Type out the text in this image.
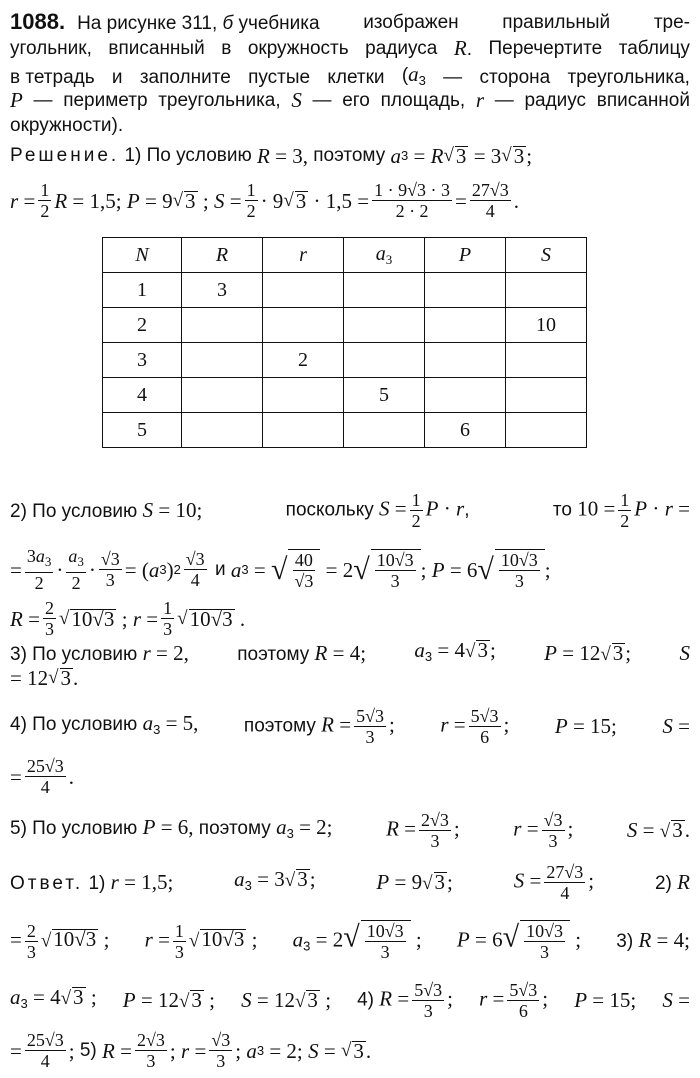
1088. На рисунке 311, б учебника изображен правильный тре-
угольник, вписанный в окружность радиуса R. Перечертите таблицу
в тетрадь и заполните пустые клетки ($a_3$ — сторона треугольника,
P — периметр треугольника, S — его площадь, r — радиус вписанной
окружности).
Решение. 1) По условию R
= 3, поэтому a 3
=
R √ 3
= 3 √ 3 ;
r
= $\frac{1}{2}$ R
= 1,5;
P
= 9 √ 3
;
S
= $\frac{1}{2} \cdot 9$ √ 3
· $1,5 = \frac{1 \cdot 9√3 \cdot 3}{2 \cdot 2} = \frac{27√3}{4}$ .
N	R	r	$a_3$	P	S
1	3				
2					10
3		2			
4			5		
5				6	
2) По условию S = 10;	поскольку $S = \frac{1}{2}$ P · r,	то $10 = \frac{1}{2}$ P · r =
= $\frac{3a_3}{2} \cdot \frac{a_3}{2} \cdot \frac{√3}{3}$ = ( a 3 ) $2 \frac{√3}{4}$ и a 3
=
√ $\frac{40}{√3}$
= 2 √ $\frac{10√3}{3}$ ;
P
= 6 √ $\frac{10√3}{3}$ ;
R
= $\frac{2}{3}$ √ 10√3
;
r
= $\frac{1}{3}$ √ 10√3
.
3) По условию r = 2,	поэтому R = 4; $a_3 = 4√3$; P = 12√3; S
= 12 √ 3 .
4) По условию $a_3 = 5$, поэтому $R = \frac{5√3}{3}$ ; $r = \frac{5√3}{6}$ ; P = 15; S =
= $\frac{25√3}{4}$ .
5) По условию P = 6, поэтому $a_3 = 2$;	$R = \frac{2√3}{3}$ ;	$r = \frac{√3}{3}$ ;	S = √3.
Ответ. 1) r = 1,5;	$a_3 = 3√3$;	P = 9√3;	$S = \frac{27√3}{4}$ ;	2) R
= $\frac{2}{3} √10√3$ ; $r = \frac{1}{3} √10√3$ ; $a_3 = 2√ \frac{10√3}{3}$ ; $P = 6√ \frac{10√3}{3}$ ; 3) R = 4;
$a_3 = 4√3$ ; P = 12√3 ; S = 12√3 ; 4) $R = \frac{5√3}{3}$ ; $r = \frac{5√3}{6}$ ; P = 15; S =
= $\frac{25√3}{4}$ ; 5) R
= $\frac{2√3}{3}$ ;
r
= $\frac{√3}{3}$ ;
a 3
= 2;
S
=
√ 3 .
